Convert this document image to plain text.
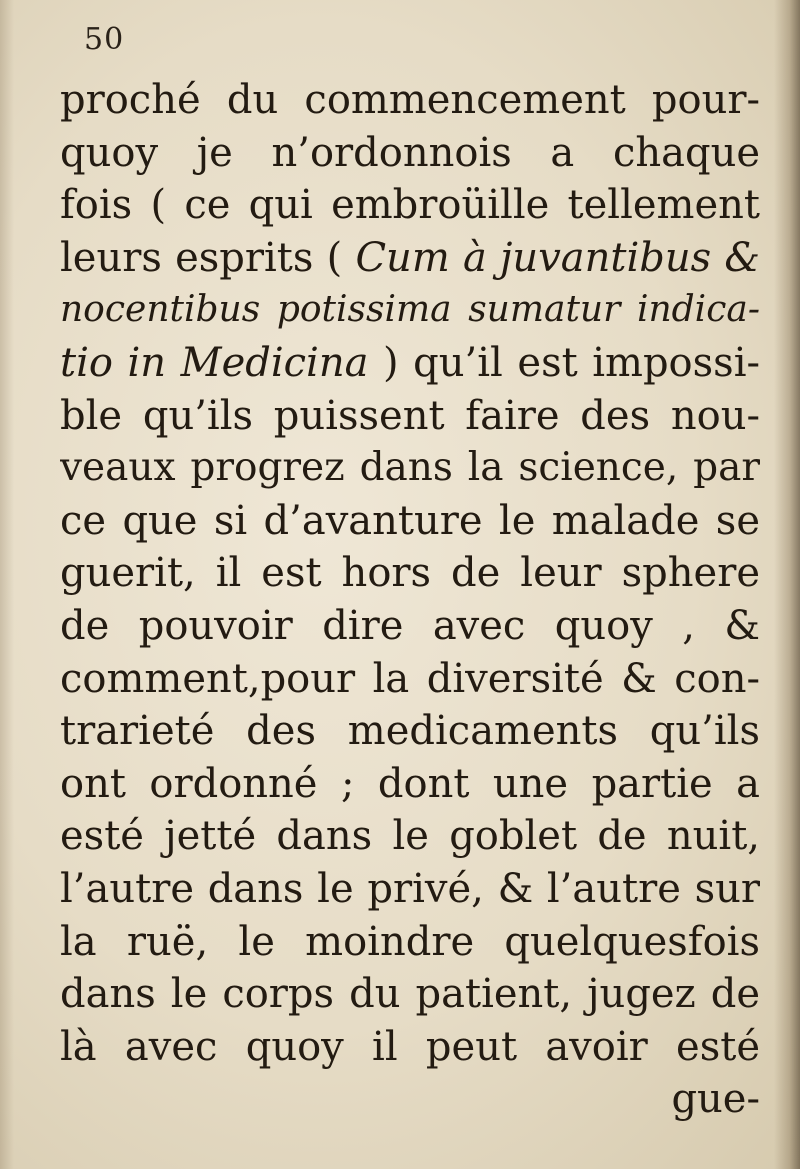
50
proché du commencement pour-
quoy je n’ordonnois a chaque
fois ( ce qui embroüille tellement
leurs esprits ( Cum à juvantibus &
nocentibus potissima sumatur indica-
tio in Medicina ) qu’il est impossi-
ble qu’ils puissent faire des nou-
veaux progrez dans la science, par
ce que si d’avanture le malade se
guerit, il est hors de leur sphere
de pouvoir dire avec quoy , &
comment,pour la diversité & con-
trarieté des medicaments qu’ils
ont ordonné ; dont une partie a
esté jetté dans le goblet de nuit,
l’autre dans le privé, & l’autre sur
la ruë, le moindre quelquesfois
dans le corps du patient, jugez de
là avec quoy il peut avoir esté
gue-
